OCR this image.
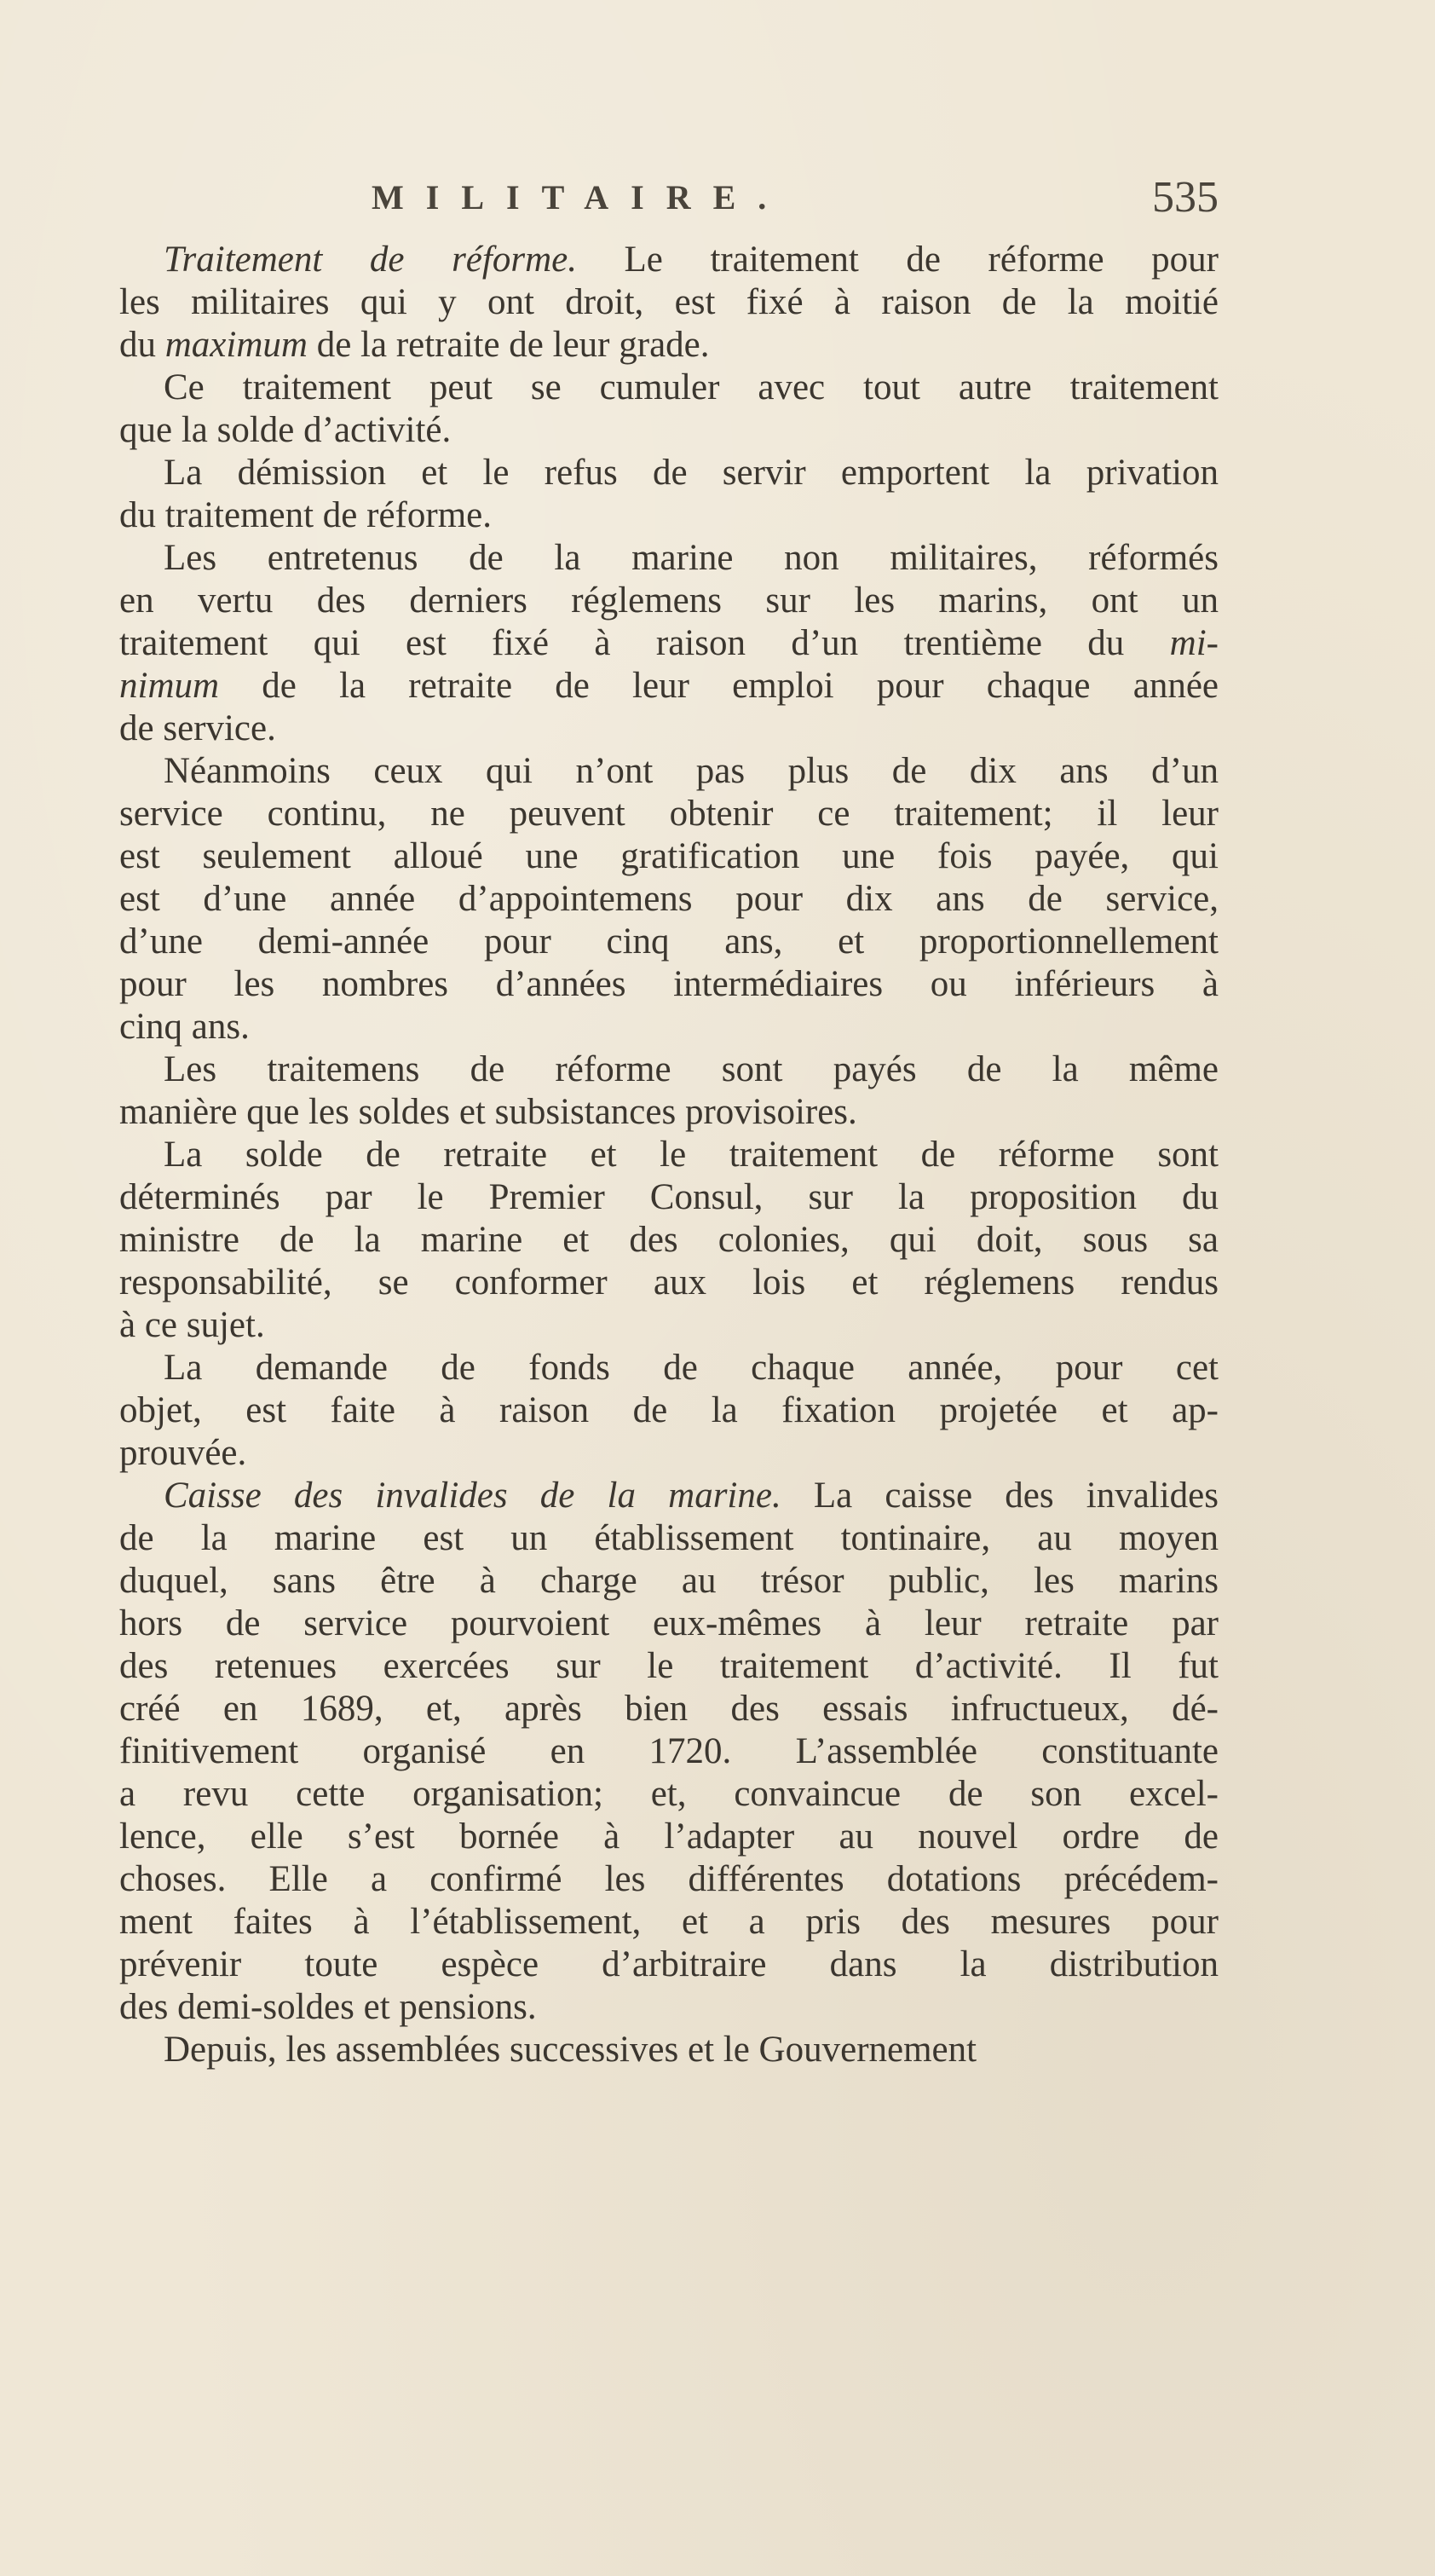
MILITAIRE.	535
Traitement de réforme. Le traitement de réforme pour
les militaires qui y ont droit, est fixé à raison de la moitié
du maximum de la retraite de leur grade.
Ce traitement peut se cumuler avec tout autre traitement
que la solde d’activité.
La démission et le refus de servir emportent la privation
du traitement de réforme.
Les entretenus de la marine non militaires, réformés
en vertu des derniers réglemens sur les marins, ont un
traitement qui est fixé à raison d’un trentième du mi-
nimum de la retraite de leur emploi pour chaque année
de service.
Néanmoins ceux qui n’ont pas plus de dix ans d’un
service continu, ne peuvent obtenir ce traitement; il leur
est seulement alloué une gratification une fois payée, qui
est d’une année d’appointemens pour dix ans de service,
d’une demi-année pour cinq ans, et proportionnellement
pour les nombres d’années intermédiaires ou inférieurs à
cinq ans.
Les traitemens de réforme sont payés de la même
manière que les soldes et subsistances provisoires.
La solde de retraite et le traitement de réforme sont
déterminés par le Premier Consul, sur la proposition du
ministre de la marine et des colonies, qui doit, sous sa
responsabilité, se conformer aux lois et réglemens rendus
à ce sujet.
La demande de fonds de chaque année, pour cet
objet, est faite à raison de la fixation projetée et ap-
prouvée.
Caisse des invalides de la marine. La caisse des invalides
de la marine est un établissement tontinaire, au moyen
duquel, sans être à charge au trésor public, les marins
hors de service pourvoient eux-mêmes à leur retraite par
des retenues exercées sur le traitement d’activité. Il fut
créé en 1689, et, après bien des essais infructueux, dé-
finitivement organisé en 1720. L’assemblée constituante
a revu cette organisation; et, convaincue de son excel-
lence, elle s’est bornée à l’adapter au nouvel ordre de
choses. Elle a confirmé les différentes dotations précédem-
ment faites à l’établissement, et a pris des mesures pour
prévenir toute espèce d’arbitraire dans la distribution
des demi-soldes et pensions.
Depuis, les assemblées successives et le Gouvernement
